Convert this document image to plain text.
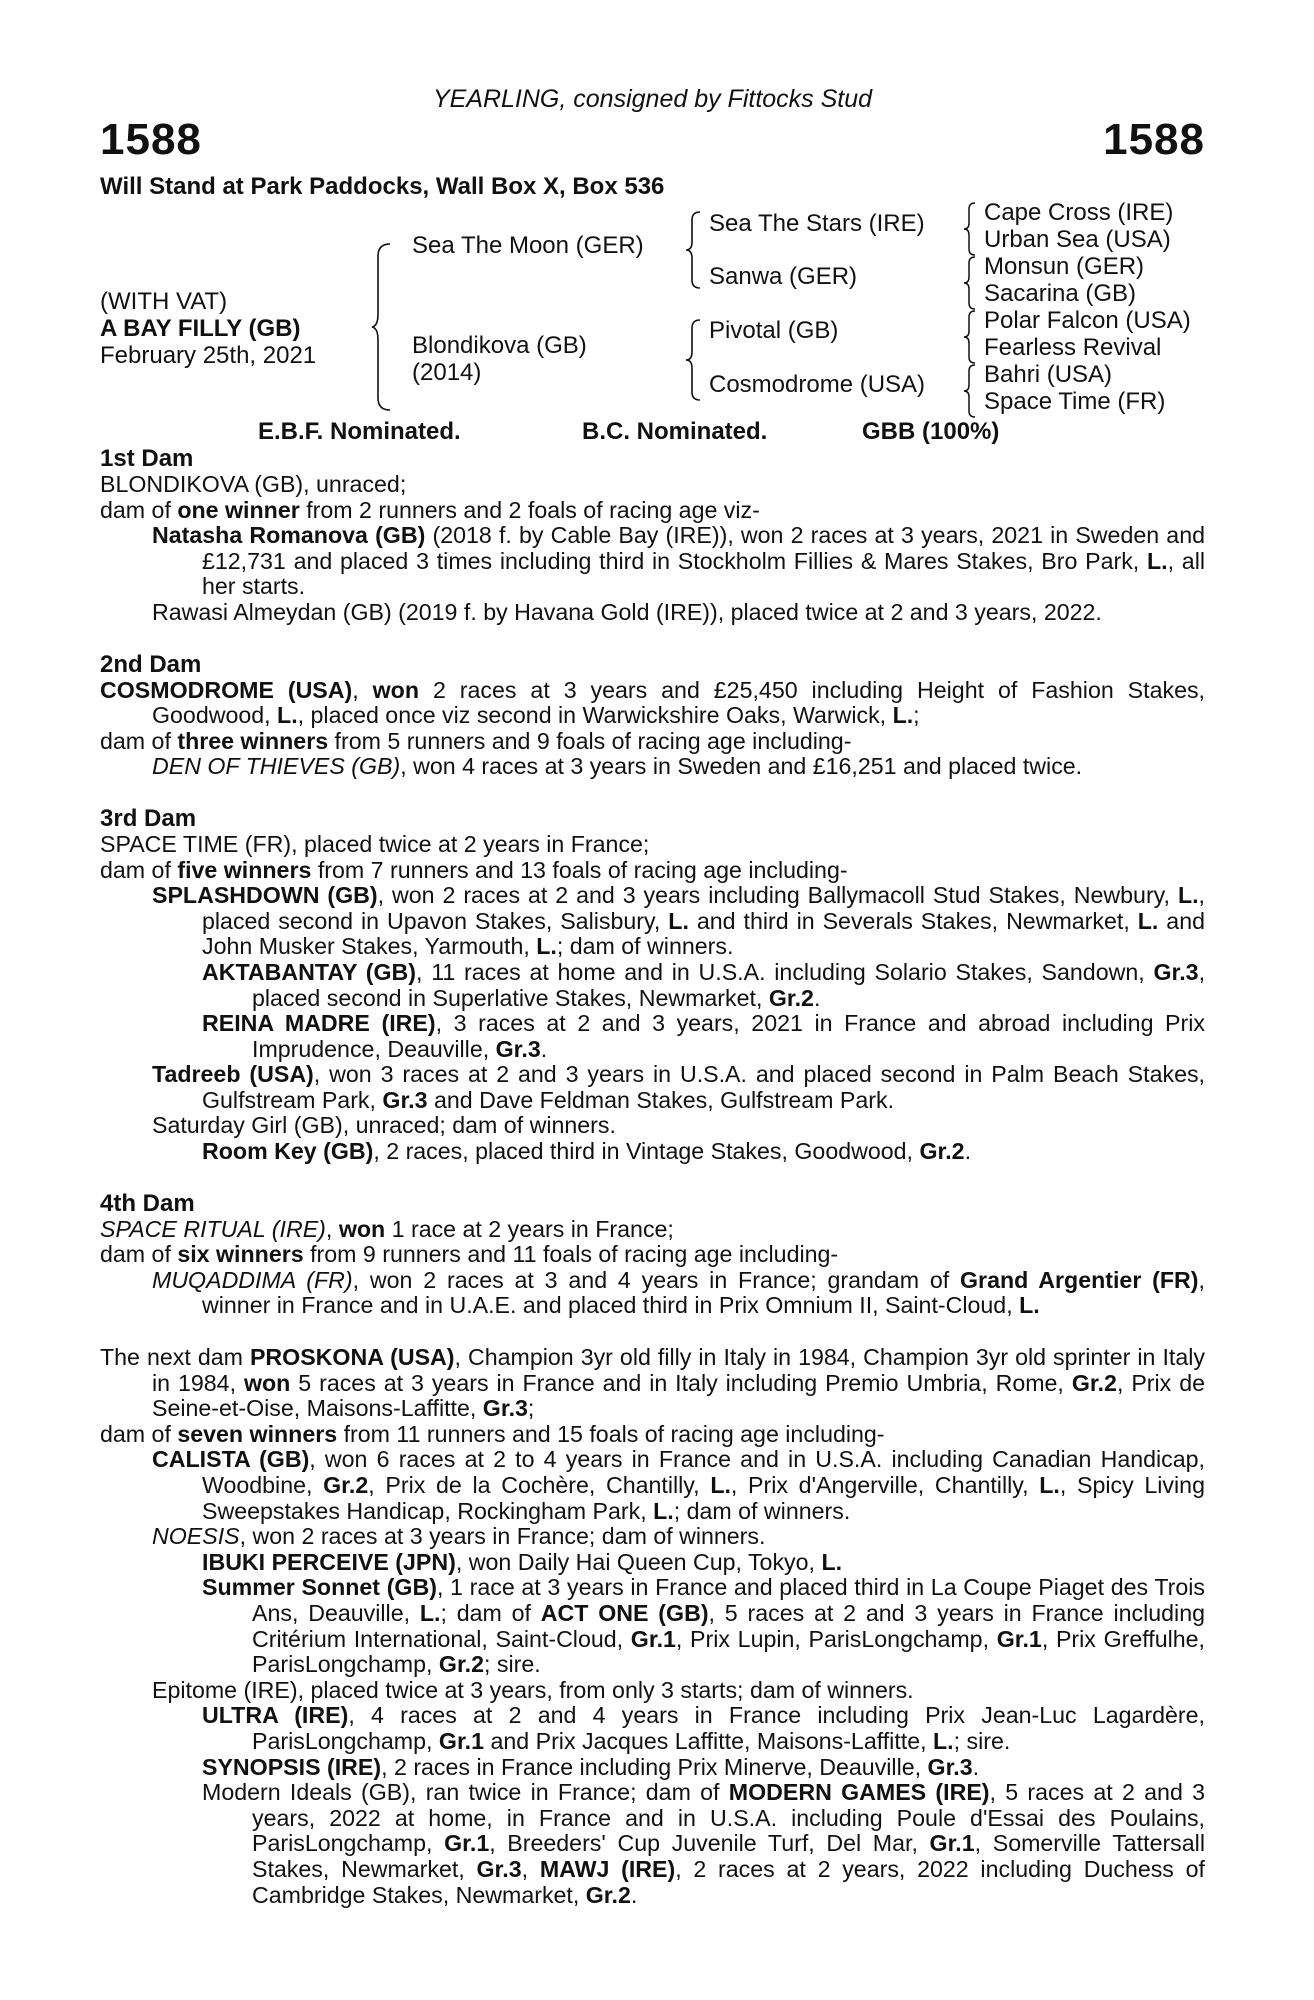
YEARLING, consigned by Fittocks Stud
1588	1588
Will Stand at Park Paddocks, Wall Box X, Box 536
(WITH VAT)
A BAY FILLY (GB)
February 25th, 2021
Sea The Moon (GER)
Blondikova (GB)
(2014)
Sea The Stars (IRE)
Sanwa (GER)
Pivotal (GB)
Cosmodrome (USA)
Cape Cross (IRE)
Urban Sea (USA)
Monsun (GER)
Sacarina (GB)
Polar Falcon (USA)
Fearless Revival
Bahri (USA)
Space Time (FR)
E.B.F. Nominated.	B.C. Nominated.	GBB (100%)
1st Dam
BLONDIKOVA (GB), unraced;
dam of one winner from 2 runners and 2 foals of racing age viz-
Natasha Romanova (GB) (2018 f. by Cable Bay (IRE)), won 2 races at 3 years, 2021 in Sweden and £12,731 and placed 3 times including third in Stockholm Fillies & Mares Stakes, Bro Park, L., all her starts.
Rawasi Almeydan (GB) (2019 f. by Havana Gold (IRE)), placed twice at 2 and 3 years, 2022.
2nd Dam
COSMODROME (USA), won 2 races at 3 years and £25,450 including Height of Fashion Stakes, Goodwood, L., placed once viz second in Warwickshire Oaks, Warwick, L.;
dam of three winners from 5 runners and 9 foals of racing age including-
DEN OF THIEVES (GB), won 4 races at 3 years in Sweden and £16,251 and placed twice.
3rd Dam
SPACE TIME (FR), placed twice at 2 years in France;
dam of five winners from 7 runners and 13 foals of racing age including-
SPLASHDOWN (GB), won 2 races at 2 and 3 years including Ballymacoll Stud Stakes, Newbury, L., placed second in Upavon Stakes, Salisbury, L. and third in Severals Stakes, Newmarket, L. and John Musker Stakes, Yarmouth, L.; dam of winners.
AKTABANTAY (GB), 11 races at home and in U.S.A. including Solario Stakes, Sandown, Gr.3, placed second in Superlative Stakes, Newmarket, Gr.2.
REINA MADRE (IRE), 3 races at 2 and 3 years, 2021 in France and abroad including Prix Imprudence, Deauville, Gr.3.
Tadreeb (USA), won 3 races at 2 and 3 years in U.S.A. and placed second in Palm Beach Stakes, Gulfstream Park, Gr.3 and Dave Feldman Stakes, Gulfstream Park.
Saturday Girl (GB), unraced; dam of winners.
Room Key (GB), 2 races, placed third in Vintage Stakes, Goodwood, Gr.2.
4th Dam
SPACE RITUAL (IRE), won 1 race at 2 years in France;
dam of six winners from 9 runners and 11 foals of racing age including-
MUQADDIMA (FR), won 2 races at 3 and 4 years in France; grandam of Grand Argentier (FR), winner in France and in U.A.E. and placed third in Prix Omnium II, Saint-Cloud, L.
The next dam PROSKONA (USA), Champion 3yr old filly in Italy in 1984, Champion 3yr old sprinter in Italy in 1984, won 5 races at 3 years in France and in Italy including Premio Umbria, Rome, Gr.2, Prix de Seine-et-Oise, Maisons-Laffitte, Gr.3;
dam of seven winners from 11 runners and 15 foals of racing age including-
CALISTA (GB), won 6 races at 2 to 4 years in France and in U.S.A. including Canadian Handicap, Woodbine, Gr.2, Prix de la Cochère, Chantilly, L., Prix d'Angerville, Chantilly, L., Spicy Living Sweepstakes Handicap, Rockingham Park, L.; dam of winners.
NOESIS, won 2 races at 3 years in France; dam of winners.
IBUKI PERCEIVE (JPN), won Daily Hai Queen Cup, Tokyo, L.
Summer Sonnet (GB), 1 race at 3 years in France and placed third in La Coupe Piaget des Trois Ans, Deauville, L.; dam of ACT ONE (GB), 5 races at 2 and 3 years in France including Critérium International, Saint-Cloud, Gr.1, Prix Lupin, ParisLongchamp, Gr.1, Prix Greffulhe, ParisLongchamp, Gr.2; sire.
Epitome (IRE), placed twice at 3 years, from only 3 starts; dam of winners.
ULTRA (IRE), 4 races at 2 and 4 years in France including Prix Jean-Luc Lagardère, ParisLongchamp, Gr.1 and Prix Jacques Laffitte, Maisons-Laffitte, L.; sire.
SYNOPSIS (IRE), 2 races in France including Prix Minerve, Deauville, Gr.3.
Modern Ideals (GB), ran twice in France; dam of MODERN GAMES (IRE), 5 races at 2 and 3 years, 2022 at home, in France and in U.S.A. including Poule d'Essai des Poulains, ParisLongchamp, Gr.1, Breeders' Cup Juvenile Turf, Del Mar, Gr.1, Somerville Tattersall Stakes, Newmarket, Gr.3, MAWJ (IRE), 2 races at 2 years, 2022 including Duchess of Cambridge Stakes, Newmarket, Gr.2.
